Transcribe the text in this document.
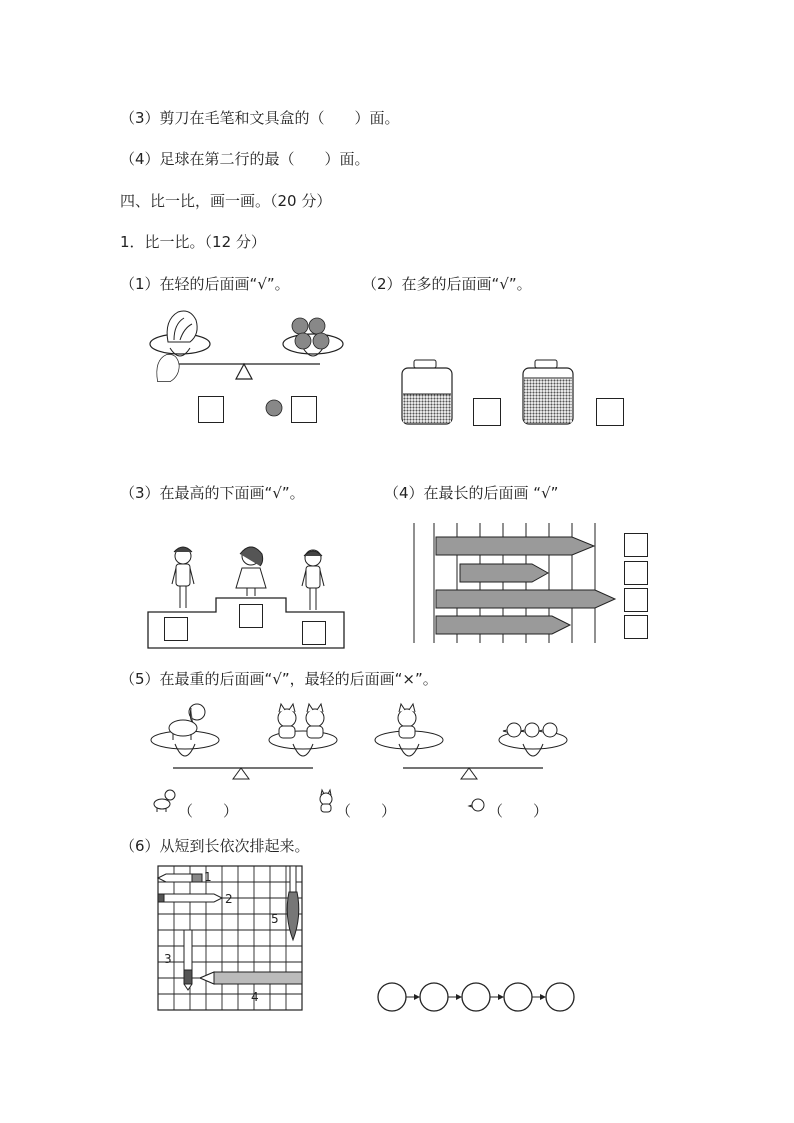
（3）剪刀在毛笔和文具盒的（　　）面。
（4）足球在第二行的最（　　）面。
四、比一比，画一画。（20 分）
1．比一比。（12 分）
（1）在轻的后面画“√”。	（2）在多的后面画“√”。
（3）在最高的下面画“√”。	（4）在最长的后面画 “√”
（5）在最重的后面画“√”，最轻的后面画“×”。
（6）从短到长依次排起来。
（　　）	（　　）	（　　）
1
2
3
4
5
